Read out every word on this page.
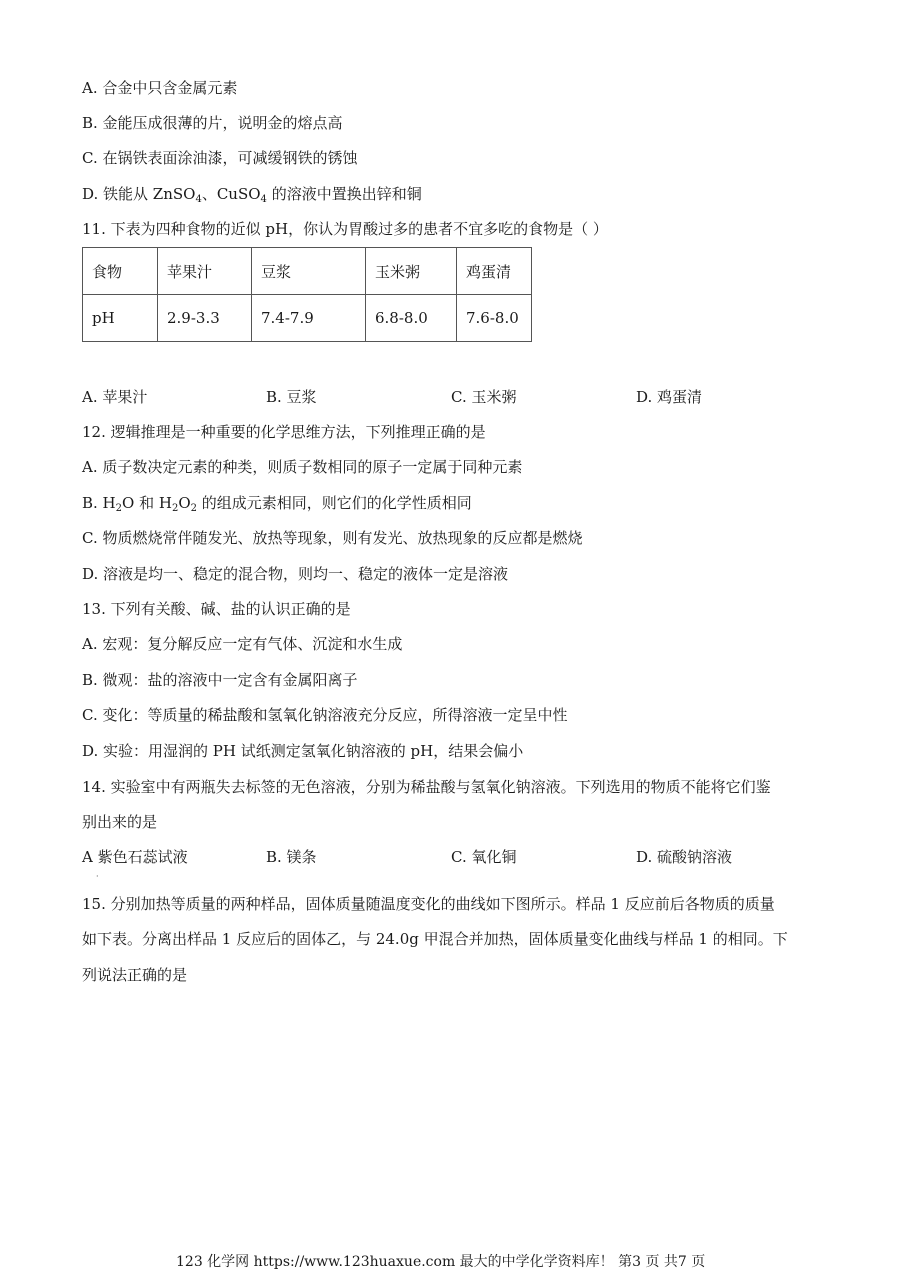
A. 合金中只含金属元素
B. 金能压成很薄的片，说明金的熔点高
C. 在锅铁表面涂油漆，可减缓钢铁的锈蚀
D. 铁能从 ZnSO$_4$、CuSO$_4$ 的溶液中置换出锌和铜
11. 下表为四种食物的近似 pH，你认为胃酸过多的患者不宜多吃的食物是（ ）
食物	苹果汁	豆浆	玉米粥	鸡蛋清
pH	2.9-3.3	7.4-7.9	6.8-8.0	7.6-8.0
A. 苹果汁	B. 豆浆	C. 玉米粥	D. 鸡蛋清
12. 逻辑推理是一种重要的化学思维方法，下列推理正确的是
A. 质子数决定元素的种类，则质子数相同的原子一定属于同种元素
B. $H_2O$ 和 $H_2O_2$ 的组成元素相同，则它们的化学性质相同
C. 物质燃烧常伴随发光、放热等现象，则有发光、放热现象的反应都是燃烧
D. 溶液是均一、稳定的混合物，则均一、稳定的液体一定是溶液
13. 下列有关酸、碱、盐的认识正确的是
A. 宏观：复分解反应一定有气体、沉淀和水生成
B. 微观：盐的溶液中一定含有金属阳离子
C. 变化：等质量的稀盐酸和氢氧化钠溶液充分反应，所得溶液一定呈中性
D. 实验：用湿润的 PH 试纸测定氢氧化钠溶液的 pH，结果会偏小
14. 实验室中有两瓶失去标签的无色溶液，分别为稀盐酸与氢氧化钠溶液。下列选用的物质不能将它们鉴
别出来的是
A 紫色石蕊试液	B. 镁条	C. 氧化铜	D. 硫酸钠溶液
·
15. 分别加热等质量的两种样品，固体质量随温度变化的曲线如下图所示。样品 1 反应前后各物质的质量
如下表。分离出样品 1 反应后的固体乙，与 24.0g 甲混合并加热，固体质量变化曲线与样品 1 的相同。下
列说法正确的是
123 化学网 https://www.123huaxue.com 最大的中学化学资料库！ 第3 页 共7 页
